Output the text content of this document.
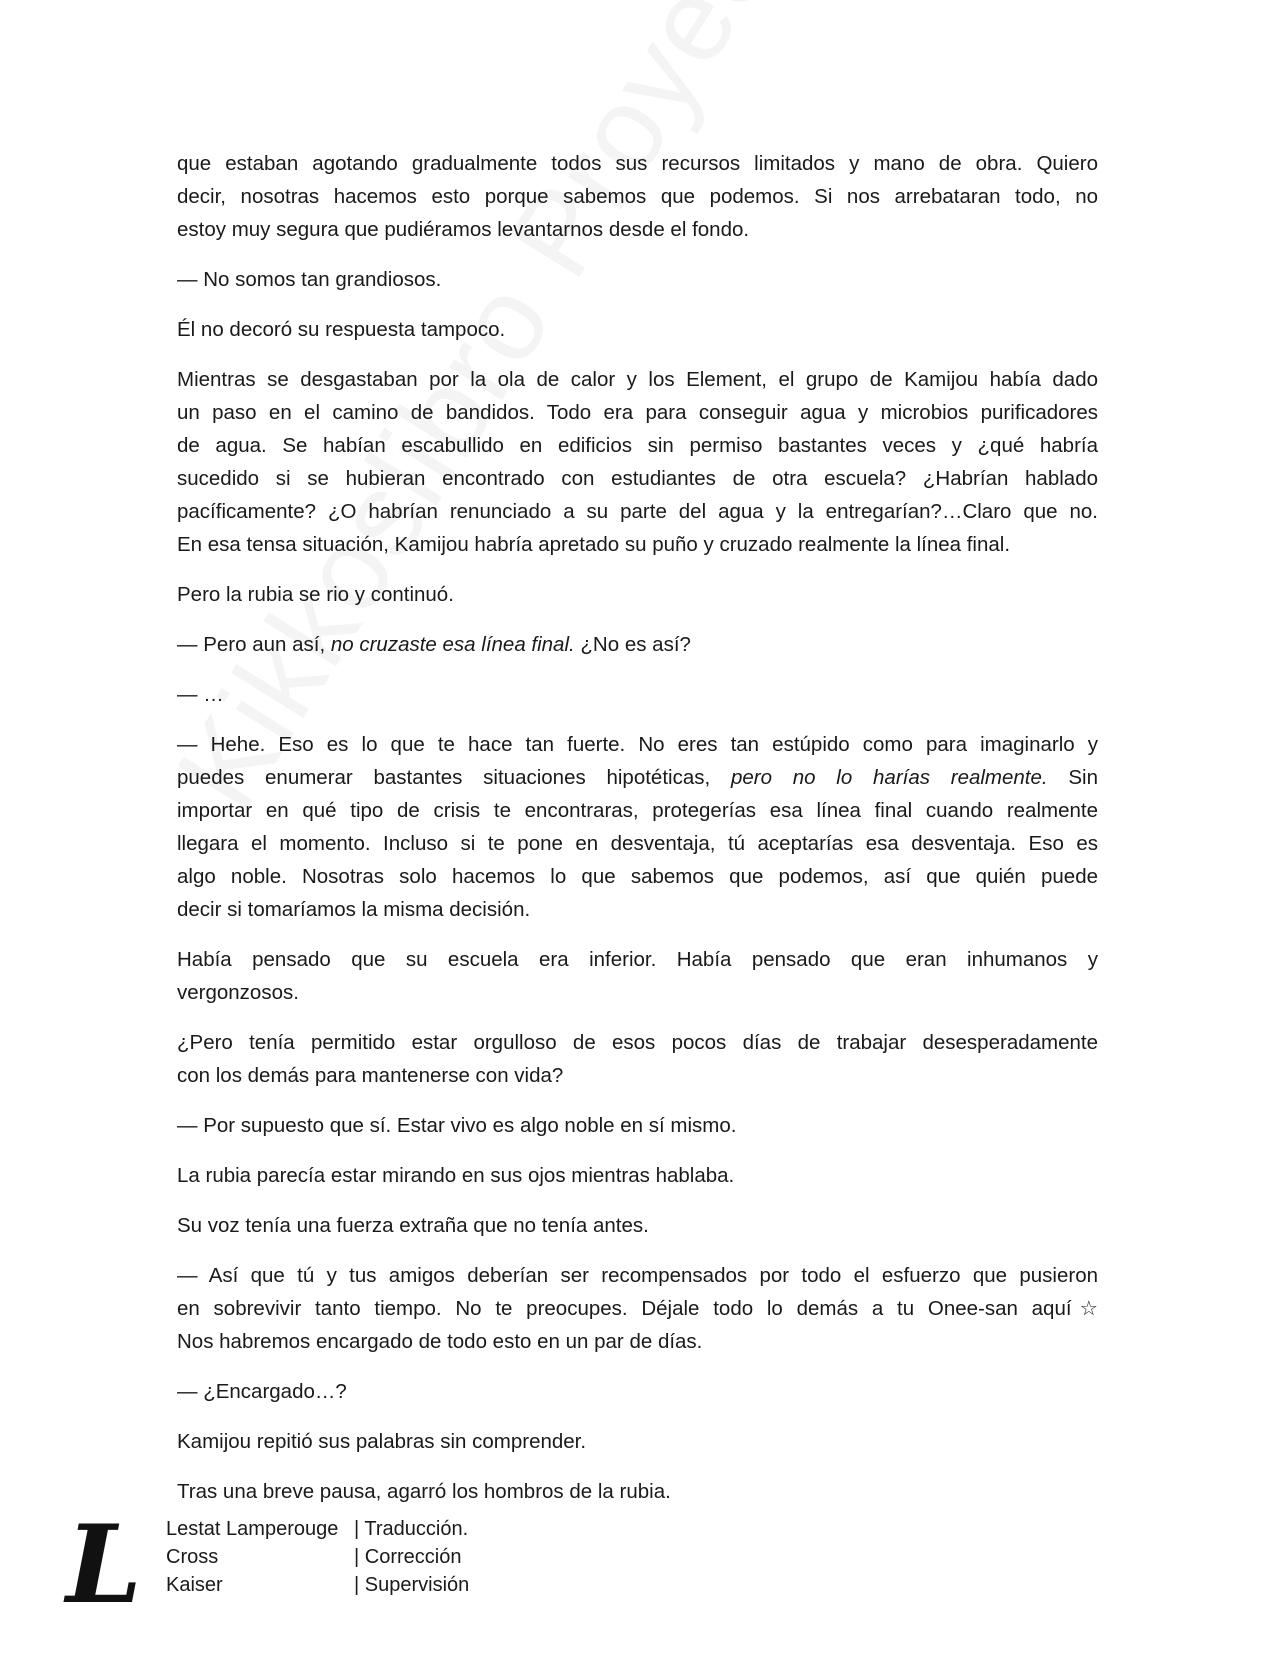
que estaban agotando gradualmente todos sus recursos limitados y mano de obra. Quiero
decir, nosotras hacemos esto porque sabemos que podemos. Si nos arrebataran todo, no
estoy muy segura que pudiéramos levantarnos desde el fondo.

— No somos tan grandiosos.

Él no decoró su respuesta tampoco.

Mientras se desgastaban por la ola de calor y los Element, el grupo de Kamijou había dado
un paso en el camino de bandidos. Todo era para conseguir agua y microbios purificadores
de agua. Se habían escabullido en edificios sin permiso bastantes veces y ¿qué habría
sucedido si se hubieran encontrado con estudiantes de otra escuela? ¿Habrían hablado
pacíficamente? ¿O habrían renunciado a su parte del agua y la entregarían?…Claro que no.
En esa tensa situación, Kamijou habría apretado su puño y cruzado realmente la línea final.

Pero la rubia se rio y continuó.

— Pero aun así, no cruzaste esa línea final. ¿No es así?

— …

— Hehe. Eso es lo que te hace tan fuerte. No eres tan estúpido como para imaginarlo y
puedes enumerar bastantes situaciones hipotéticas, pero no lo harías realmente. Sin
importar en qué tipo de crisis te encontraras, protegerías esa línea final cuando realmente
llegara el momento. Incluso si te pone en desventaja, tú aceptarías esa desventaja. Eso es
algo noble. Nosotras solo hacemos lo que sabemos que podemos, así que quién puede
decir si tomaríamos la misma decisión.

Había pensado que su escuela era inferior. Había pensado que eran inhumanos y
vergonzosos.

¿Pero tenía permitido estar orgulloso de esos pocos días de trabajar desesperadamente
con los demás para mantenerse con vida?

— Por supuesto que sí. Estar vivo es algo noble en sí mismo.

La rubia parecía estar mirando en sus ojos mientras hablaba.

Su voz tenía una fuerza extraña que no tenía antes.

— Así que tú y tus amigos deberían ser recompensados por todo el esfuerzo que pusieron
en sobrevivir tanto tiempo. No te preocupes. Déjale todo lo demás a tu Onee-san aquí☆
Nos habremos encargado de todo esto en un par de días.

— ¿Encargado…?

Kamijou repitió sus palabras sin comprender.

Tras una breve pausa, agarró los hombros de la rubia.

L Lestat Lamperouge	| Traducción.
Cross	| Corrección
Kaiser	| Supervisión
